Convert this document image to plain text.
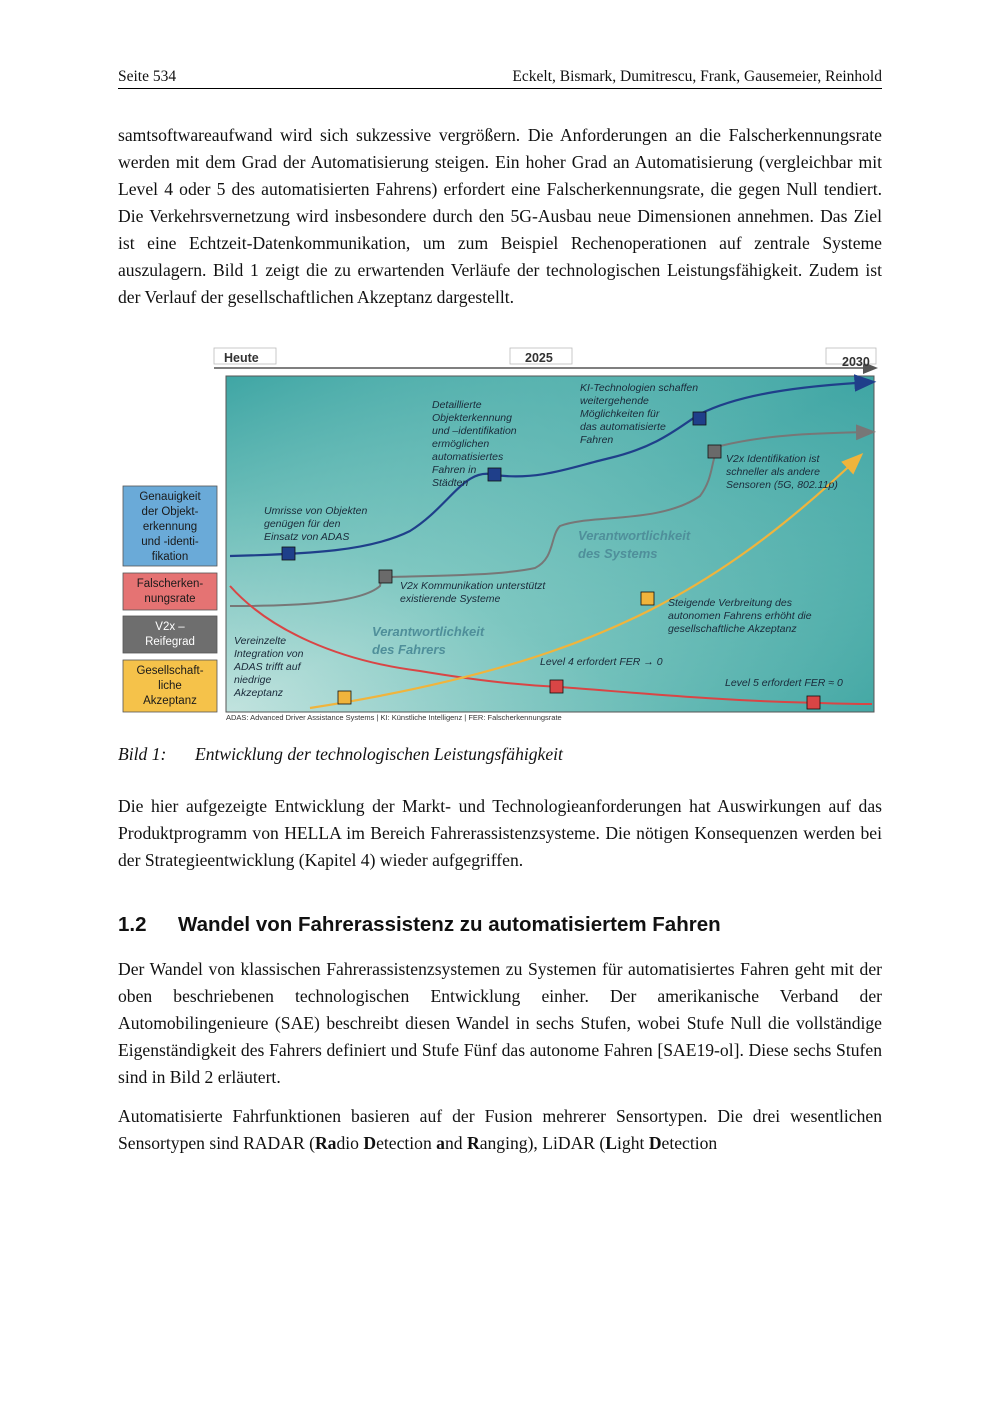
Seite 534	Eckelt, Bismark, Dumitrescu, Frank, Gausemeier, Reinhold

samtsoftwareaufwand wird sich sukzessive vergrößern. Die Anforderungen an die Falscherkennungsrate werden mit dem Grad der Automatisierung steigen. Ein hoher Grad an Automatisierung (vergleichbar mit Level 4 oder 5 des automatisierten Fahrens) erfordert eine Falscherkennungsrate, die gegen Null tendiert. Die Verkehrsvernetzung wird insbesondere durch den 5G-Ausbau neue Dimensionen annehmen. Das Ziel ist eine Echtzeit-Datenkommunikation, um zum Beispiel Rechenoperationen auf zentrale Systeme auszulagern. Bild 1 zeigt die zu erwartenden Verläufe der technologischen Leistungsfähigkeit. Zudem ist der Verlauf der gesellschaftlichen Akzeptanz dargestellt.

Heute	2025	2030
Genauigkeit
der Objekt-
erkennung
und -identi-
fikation
Falscherken-
nungsrate
V2x –
Reifegrad
Gesellschaft-
liche
Akzeptanz
Verantwortlichkeit
des Systems
Verantwortlichkeit
des Fahrers
Umrisse von Objekten
genügen für den
Einsatz von ADAS
Detaillierte
Objekterkennung
und –identifikation
ermöglichen
automatisiertes
Fahren in
Städten
KI-Technologien schaffen
weitergehende
Möglichkeiten für
das automatisierte
Fahren
V2x Identifikation ist
schneller als andere
Sensoren (5G, 802.11p)
V2x Kommunikation unterstützt
existierende Systeme	Steigende Verbreitung des
autonomen Fahrens erhöht die
gesellschaftliche Akzeptanz
Vereinzelte
Integration von
ADAS trifft auf
niedrige
Akzeptanz
Level 4 erfordert FER → 0
Level 5 erfordert FER ≈ 0
ADAS: Advanced Driver Assistance Systems | KI: Künstliche Intelligenz | FER: Falscherkennungsrate
Bild 1: Entwicklung der technologischen Leistungsfähigkeit

Die hier aufgezeigte Entwicklung der Markt- und Technologieanforderungen hat Auswirkungen auf das Produktprogramm von HELLA im Bereich Fahrerassistenzsysteme. Die nötigen Konsequenzen werden bei der Strategieentwicklung (Kapitel 4) wieder aufgegriffen.

1.2 Wandel von Fahrerassistenz zu automatisiertem Fahren

Der Wandel von klassischen Fahrerassistenzsystemen zu Systemen für automatisiertes Fahren geht mit der oben beschriebenen technologischen Entwicklung einher. Der amerikanische Verband der Automobilingenieure (SAE) beschreibt diesen Wandel in sechs Stufen, wobei Stufe Null die vollständige Eigenständigkeit des Fahrers definiert und Stufe Fünf das autonome Fahren [SAE19-ol]. Diese sechs Stufen sind in Bild 2 erläutert.

Automatisierte Fahrfunktionen basieren auf der Fusion mehrerer Sensortypen. Die drei wesentlichen Sensortypen sind RADAR (Radio Detection and Ranging), LiDAR (Light Detection
